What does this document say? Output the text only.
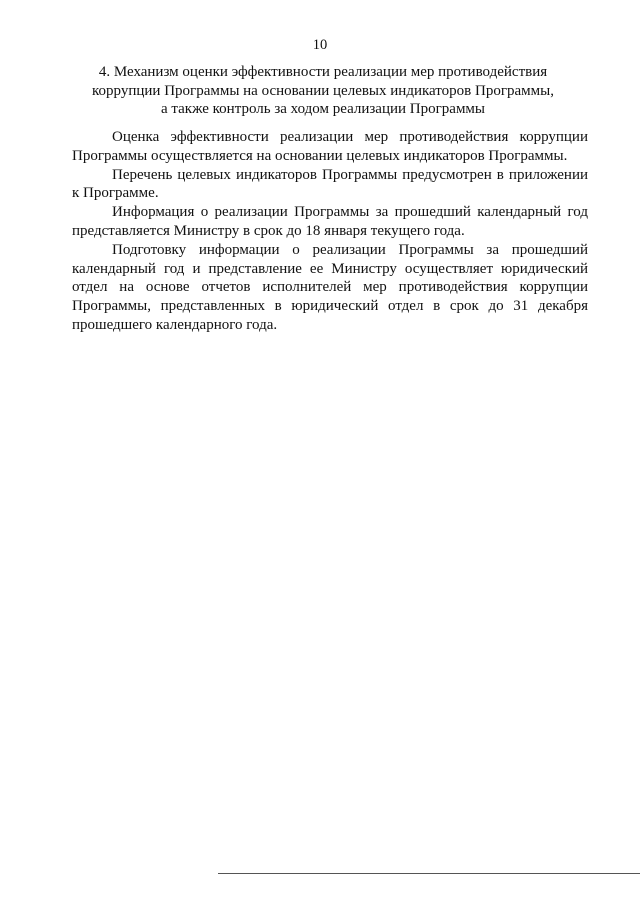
10
4. Механизм оценки эффективности реализации мер противодействия
коррупции Программы на основании целевых индикаторов Программы,
а также контроль за ходом реализации Программы
Оценка эффективности реализации мер противодействия коррупции
Программы осуществляется на основании целевых индикаторов Программы.
Перечень целевых индикаторов Программы предусмотрен в приложении
к Программе.
Информация о реализации Программы за прошедший календарный год
представляется Министру в срок до 18 января текущего года.
Подготовку информации о реализации Программы за прошедший
календарный год и представление ее Министру осуществляет юридический
отдел на основе отчетов исполнителей мер противодействия коррупции
Программы, представленных в юридический отдел в срок до 31 декабря
прошедшего календарного года.
